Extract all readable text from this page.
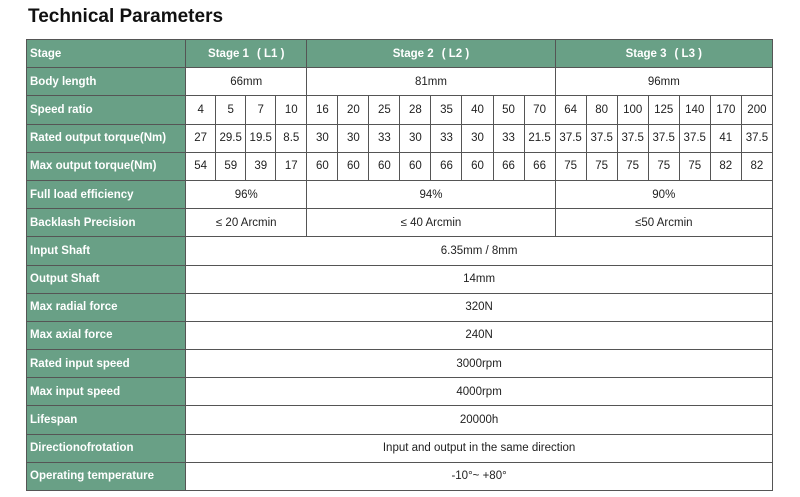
Technical Parameters
Stage	Stage 1 ( L1 )				Stage 2 ( L2 )								Stage 3 ( L3 )						
Body length	66mm				81mm								96mm						
Speed ratio	4	5	7	10	16	20	25	28	35	40	50	70	64	80	100	125	140	170	200
Rated output torque(Nm)	27	29.5	19.5	8.5	30	30	33	30	33	30	33	21.5	37.5	37.5	37.5	37.5	37.5	41	37.5
Max output torque(Nm)	54	59	39	17	60	60	60	60	66	60	66	66	75	75	75	75	75	82	82
Full load efficiency	96%				94%								90%						
Backlash Precision	≤ 20 Arcmin				≤ 40 Arcmin								≤50 Arcmin						
Input Shaft	6.35mm / 8mm																		
Output Shaft	14mm																		
Max radial force	320N																		
Max axial force	240N																		
Rated input speed	3000rpm																		
Max input speed	4000rpm																		
Lifespan	20000h																		
Directionofrotation	Input and output in the same direction																		
Operating temperature	-10°~ +80°																		
